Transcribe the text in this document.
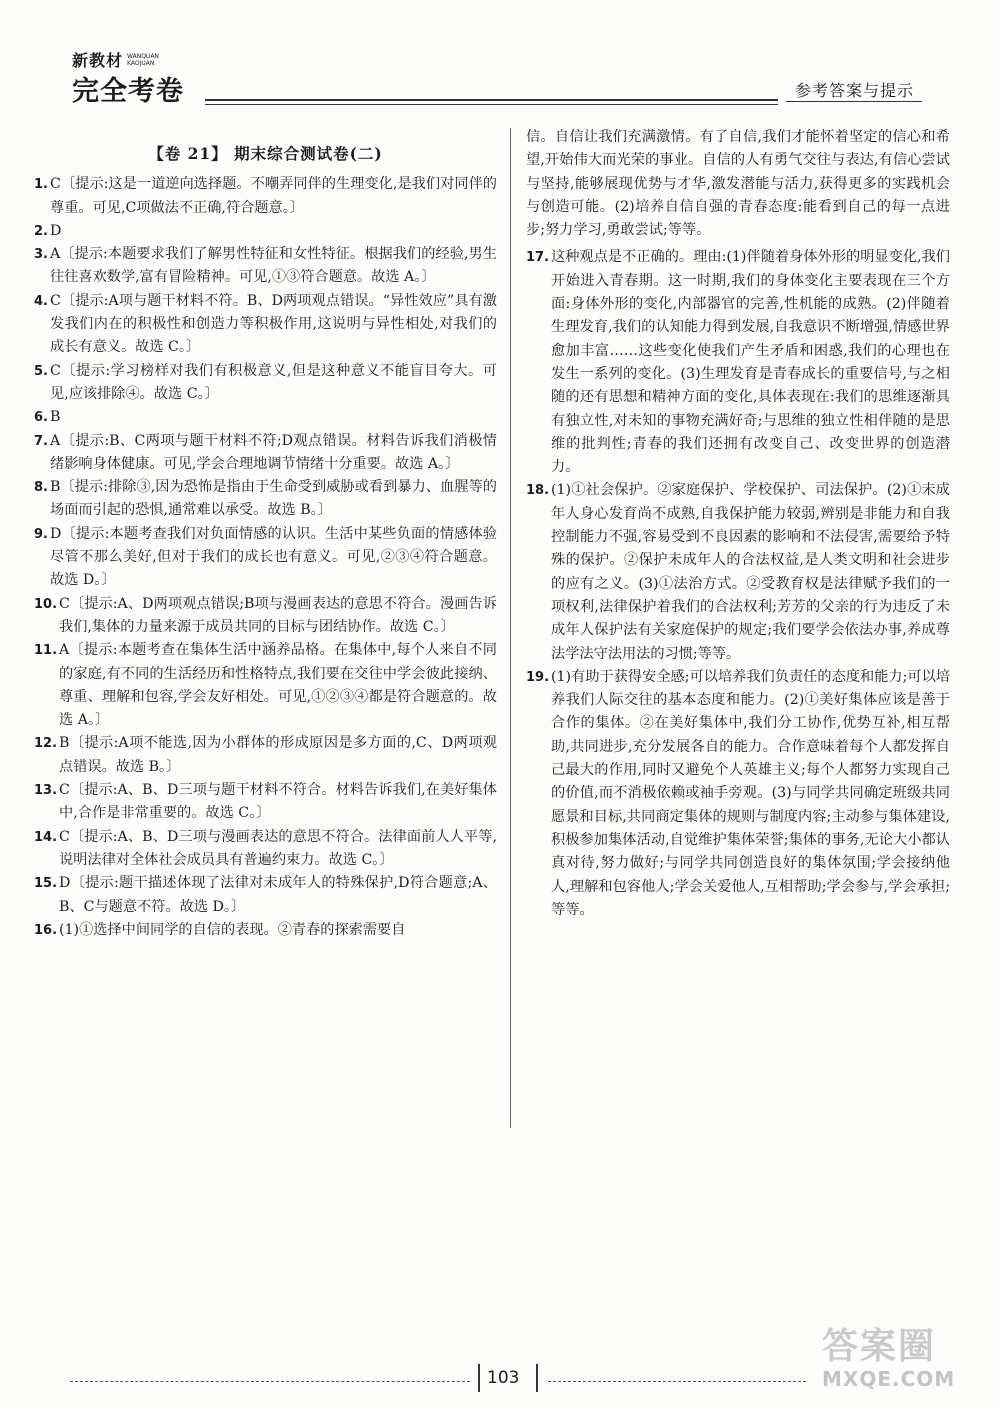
新教材 WANQUAN
KAOJUAN
完全考卷	参考答案与提示
【卷 21】 期末综合测试卷(二)
1. C〔提示:这是一道逆向选择题。不嘲弄同伴的生理变化,是我们对同伴的尊重。可见,C项做法不正确,符合题意。〕
2. D
3. A〔提示:本题要求我们了解男性特征和女性特征。根据我们的经验,男生往往喜欢数学,富有冒险精神。可见,①③符合题意。故选 A。〕
4. C〔提示:A项与题干材料不符。B、D两项观点错误。“异性效应”具有激发我们内在的积极性和创造力等积极作用,这说明与异性相处,对我们的成长有意义。故选 C。〕
5. C〔提示:学习榜样对我们有积极意义,但是这种意义不能盲目夸大。可见,应该排除④。故选 C。〕
6. B
7. A〔提示:B、C两项与题干材料不符;D观点错误。材料告诉我们消极情绪影响身体健康。可见,学会合理地调节情绪十分重要。故选 A。〕
8. B〔提示:排除③,因为恐怖是指由于生命受到威胁或看到暴力、血腥等的场面而引起的恐惧,通常难以承受。故选 B。〕
9. D〔提示:本题考查我们对负面情感的认识。生活中某些负面的情感体验尽管不那么美好,但对于我们的成长也有意义。可见,②③④符合题意。故选 D。〕
10. C〔提示:A、D两项观点错误;B项与漫画表达的意思不符合。漫画告诉我们,集体的力量来源于成员共同的目标与团结协作。故选 C。〕
11. A〔提示:本题考查在集体生活中涵养品格。在集体中,每个人来自不同的家庭,有不同的生活经历和性格特点,我们要在交往中学会彼此接纳、尊重、理解和包容,学会友好相处。可见,①②③④都是符合题意的。故选 A。〕
12. B〔提示:A项不能选,因为小群体的形成原因是多方面的,C、D两项观点错误。故选 B。〕
13. C〔提示:A、B、D三项与题干材料不符合。材料告诉我们,在美好集体中,合作是非常重要的。故选 C。〕
14. C〔提示:A、B、D三项与漫画表达的意思不符合。法律面前人人平等,说明法律对全体社会成员具有普遍约束力。故选 C。〕
15. D〔提示:题干描述体现了法律对未成年人的特殊保护,D符合题意;A、B、C与题意不符。故选 D。〕
16. (1)①选择中间同学的自信的表现。②青春的探索需要自
信。自信让我们充满激情。有了自信,我们才能怀着坚定的信心和希望,开始伟大而光荣的事业。自信的人有勇气交往与表达,有信心尝试与坚持,能够展现优势与才华,激发潜能与活力,获得更多的实践机会与创造可能。(2)培养自信自强的青春态度:能看到自己的每一点进步;努力学习,勇敢尝试;等等。
17. 这种观点是不正确的。理由:(1)伴随着身体外形的明显变化,我们开始进入青春期。这一时期,我们的身体变化主要表现在三个方面:身体外形的变化,内部器官的完善,性机能的成熟。(2)伴随着生理发育,我们的认知能力得到发展,自我意识不断增强,情感世界愈加丰富……这些变化使我们产生矛盾和困惑,我们的心理也在发生一系列的变化。(3)生理发育是青春成长的重要信号,与之相随的还有思想和精神方面的变化,具体表现在:我们的思维逐渐具有独立性,对未知的事物充满好奇;与思维的独立性相伴随的是思维的批判性;青春的我们还拥有改变自己、改变世界的创造潜力。
18. (1)①社会保护。②家庭保护、学校保护、司法保护。(2)①未成年人身心发育尚不成熟,自我保护能力较弱,辨别是非能力和自我控制能力不强,容易受到不良因素的影响和不法侵害,需要给予特殊的保护。②保护未成年人的合法权益,是人类文明和社会进步的应有之义。(3)①法治方式。②受教育权是法律赋予我们的一项权利,法律保护着我们的合法权利;芳芳的父亲的行为违反了未成年人保护法有关家庭保护的规定;我们要学会依法办事,养成尊法学法守法用法的习惯;等等。
19. (1)有助于获得安全感;可以培养我们负责任的态度和能力;可以培养我们人际交往的基本态度和能力。(2)①美好集体应该是善于合作的集体。②在美好集体中,我们分工协作,优势互补,相互帮助,共同进步,充分发展各自的能力。合作意味着每个人都发挥自己最大的作用,同时又避免个人英雄主义;每个人都努力实现自己的价值,而不消极依赖或袖手旁观。(3)与同学共同确定班级共同愿景和目标,共同商定集体的规则与制度内容;主动参与集体建设,积极参加集体活动,自觉维护集体荣誉;集体的事务,无论大小都认真对待,努力做好;与同学共同创造良好的集体氛围;学会接纳他人,理解和包容他人;学会关爱他人,互相帮助;学会参与,学会承担;等等。
103
答案圈
MXQE.COM
